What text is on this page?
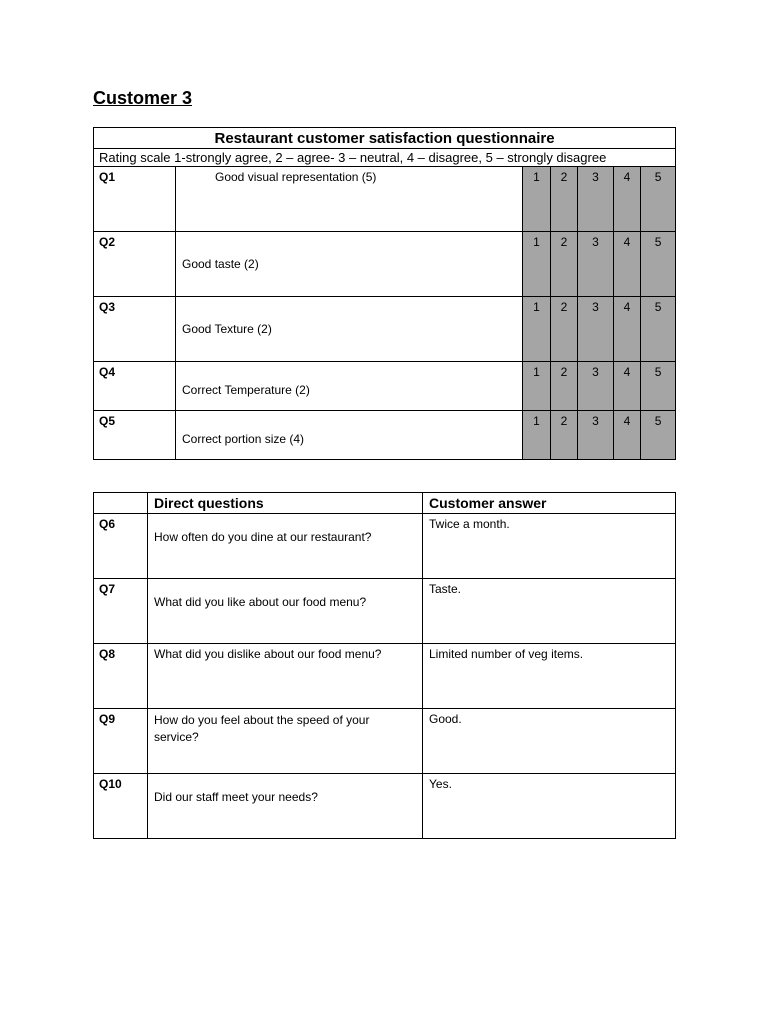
Customer 3
Restaurant customer satisfaction questionnaire						
Rating scale 1-strongly agree, 2 – agree- 3 – neutral, 4 – disagree, 5 – strongly disagree						
Q1	Good visual representation (5)	1	2	3	4	5
Q2	Good taste (2)	1	2	3	4	5
Q3	Good Texture (2)	1	2	3	4	5
Q4	Correct Temperature (2)	1	2	3	4	5
Q5	Correct portion size (4)	1	2	3	4	5
	Direct questions	Customer answer
Q6	How often do you dine at our restaurant?	Twice a month.
Q7	What did you like about our food menu?	Taste.
Q8	What did you dislike about our food menu?	Limited number of veg items.
Q9	How do you feel about the speed of your service?	Good.
Q10	Did our staff meet your needs?	Yes.
